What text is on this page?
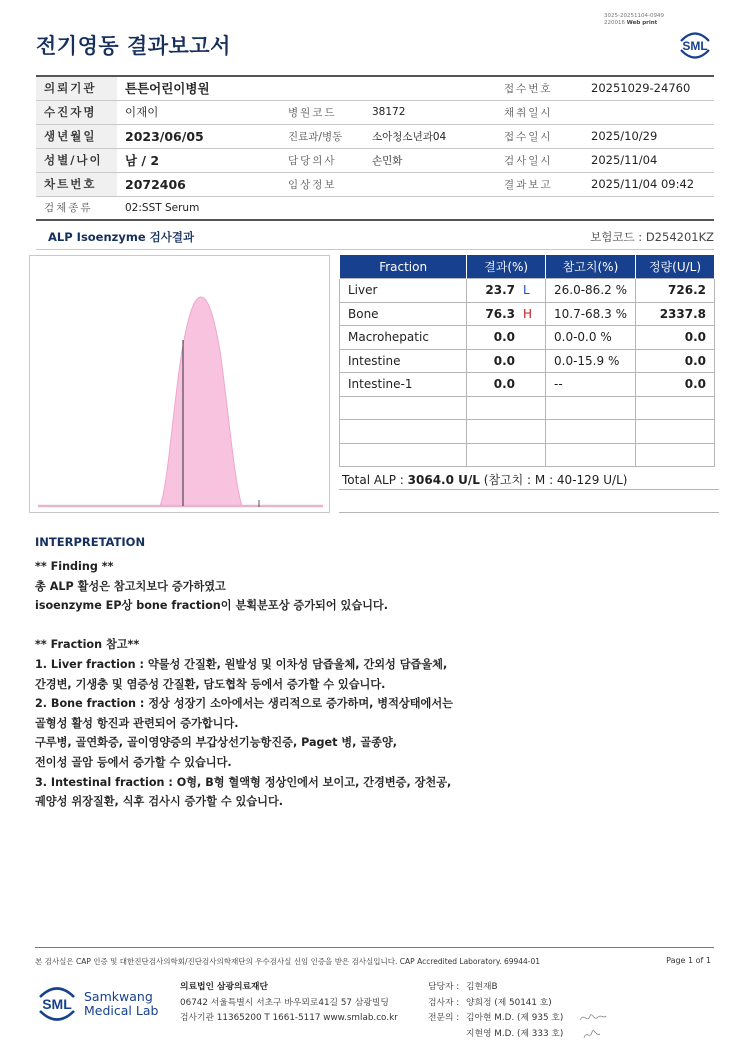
3025-20251104-0949
220016 Web print
전기영동 결과보고서	SML
의뢰기관	튼튼어린이병원			접수번호	20251029-24760
수진자명	이재이	병원코드	38172	채취일시	
생년월일	2023/06/05	진료과/병동	소아청소년과04	접수일시	2025/10/29
성별/나이	남 / 2	담당의사	손민화	검사일시	2025/11/04
차트번호	2072406	임상정보		결과보고	2025/11/04 09:42
검체종류	02:SST Serum				
ALP Isoenzyme 검사결과	보험코드 : D254201KZ
Fraction	결과(%)	참고치(%)	정량(U/L)
Liver	23.7 L	26.0-86.2 %	726.2
Bone	76.3 H	10.7-68.3 %	2337.8
Macrohepatic	0.0	0.0-0.0 %	0.0
Intestine	0.0	0.0-15.9 %	0.0
Intestine-1	0.0	--	0.0

Total ALP : 3064.0 U/L (참고치 : M : 40-129 U/L)
INTERPRETATION
** Finding **
총 ALP 활성은 참고치보다 증가하였고
isoenzyme EP상 bone fraction이 분획분포상 증가되어 있습니다.
** Fraction 참고**
1. Liver fraction : 약물성 간질환, 원발성 및 이차성 담즙울체, 간외성 담즙울체,
간경변, 기생충 및 염증성 간질환, 담도협착 등에서 증가할 수 있습니다.
2. Bone fraction : 정상 성장기 소아에서는 생리적으로 증가하며, 병적상태에서는
골형성 활성 항진과 관련되어 증가합니다.
구루병, 골연화증, 골이영양증의 부갑상선기능항진증, Paget 병, 골종양,
전이성 골암 등에서 증가할 수 있습니다.
3. Intestinal fraction : O형, B형 혈액형 정상인에서 보이고, 간경변증, 장천공,
궤양성 위장질환, 식후 검사시 증가할 수 있습니다.
본 검사실은 CAP 인증 및 대한진단검사의학회/진단검사의학재단의 우수검사실 신임 인증을 받은 검사실입니다. CAP Accredited Laboratory. 69944-01	Page 1 of 1
SML Samkwang
Medical Lab
의료법인 삼광의료재단
06742 서울특별시 서초구 바우뫼로41길 57 삼광빌딩
검사기관 11365200 T 1661-5117 www.smlab.co.kr
담당자 : 김현재B
검사자 : 양희정 (제 50141 호)
전문의 : 김아현 M.D. (제 935 호)
지현영 M.D. (제 333 호)
